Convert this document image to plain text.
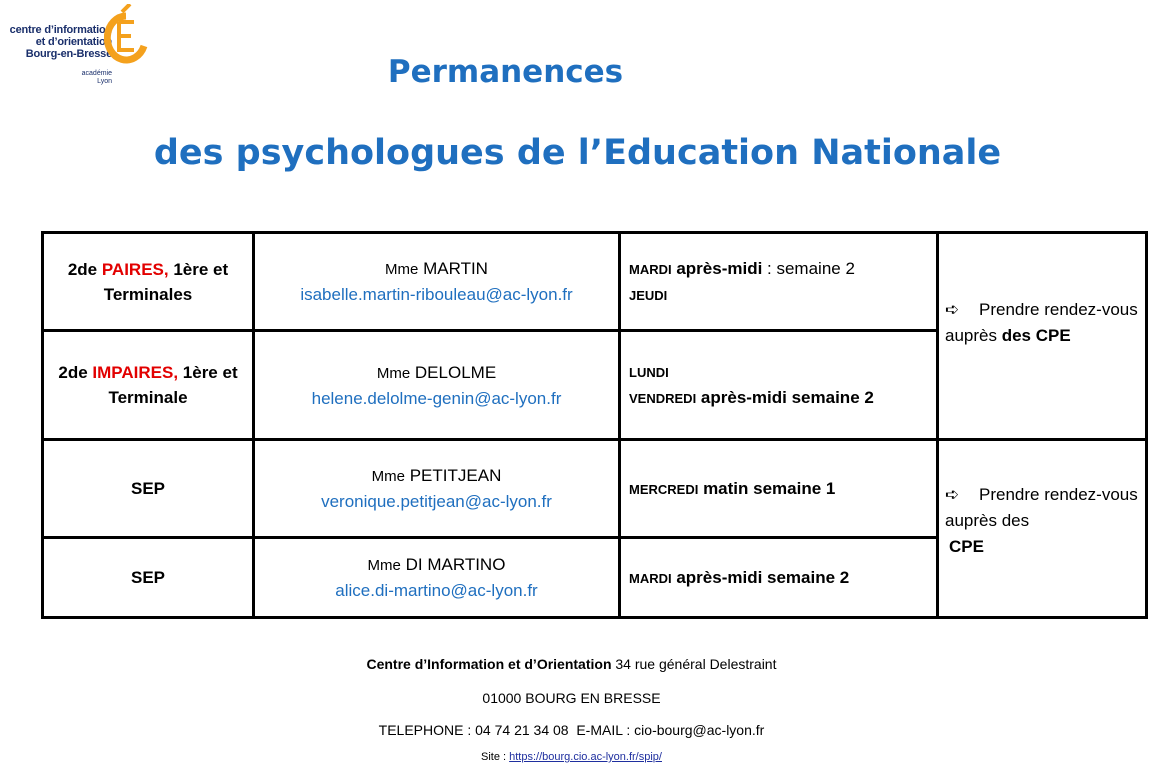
centre d’information
et d’orientation
Bourg-en-Bresse
académie
Lyon	Permanences
des psychologues de l’Education Nationale
2de PAIRES, 1ère et Terminales
Mme MARTIN
isabelle.martin-ribouleau@ac-lyon.fr
MARDI après-midi : semaine 2
JEUDI
2de IMPAIRES, 1ère et Terminale
Mme DELOLME
helene.delolme-genin@ac-lyon.fr
LUNDI
VENDREDI après-midi semaine 2
➪ Prendre rendez-vous auprès des CPE
SEP
Mme PETITJEAN
veronique.petitjean@ac-lyon.fr
MERCREDI matin semaine 1
SEP
Mme DI MARTINO
alice.di-martino@ac-lyon.fr
MARDI après-midi semaine 2
➪ Prendre rendez-vous auprès des
CPE
Centre d’Information et d’Orientation 34 rue général Delestraint
01000 BOURG EN BRESSE
TELEPHONE : 04 74 21 34 08  E-MAIL : cio-bourg@ac-lyon.fr
Site : https://bourg.cio.ac-lyon.fr/spip/
